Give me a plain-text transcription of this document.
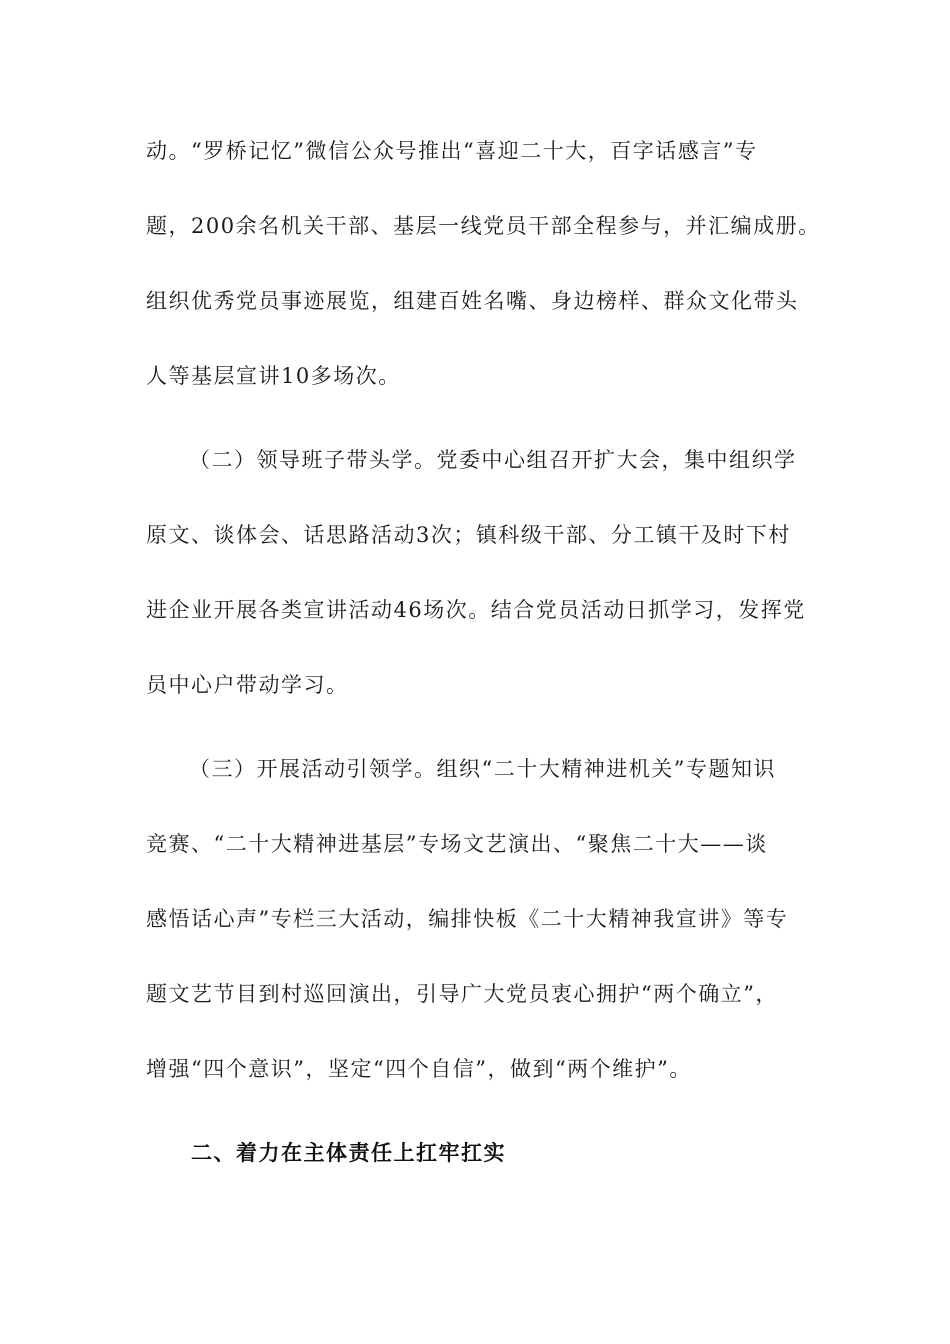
动。“罗桥记忆”微信公众号推出“喜迎二十大，百字话感言”专

题，200余名机关干部、基层一线党员干部全程参与，并汇编成册。

组织优秀党员事迹展览，组建百姓名嘴、身边榜样、群众文化带头

人等基层宣讲10多场次。

（二）领导班子带头学。党委中心组召开扩大会，集中组织学

原文、谈体会、话思路活动3次；镇科级干部、分工镇干及时下村

进企业开展各类宣讲活动46场次。结合党员活动日抓学习，发挥党

员中心户带动学习。

（三）开展活动引领学。组织“二十大精神进机关”专题知识

竞赛、“二十大精神进基层”专场文艺演出、“聚焦二十大——谈

感悟话心声”专栏三大活动，编排快板《二十大精神我宣讲》等专

题文艺节目到村巡回演出，引导广大党员衷心拥护“两个确立”，

增强“四个意识”，坚定“四个自信”，做到“两个维护”。

二、着力在主体责任上扛牢扛实
